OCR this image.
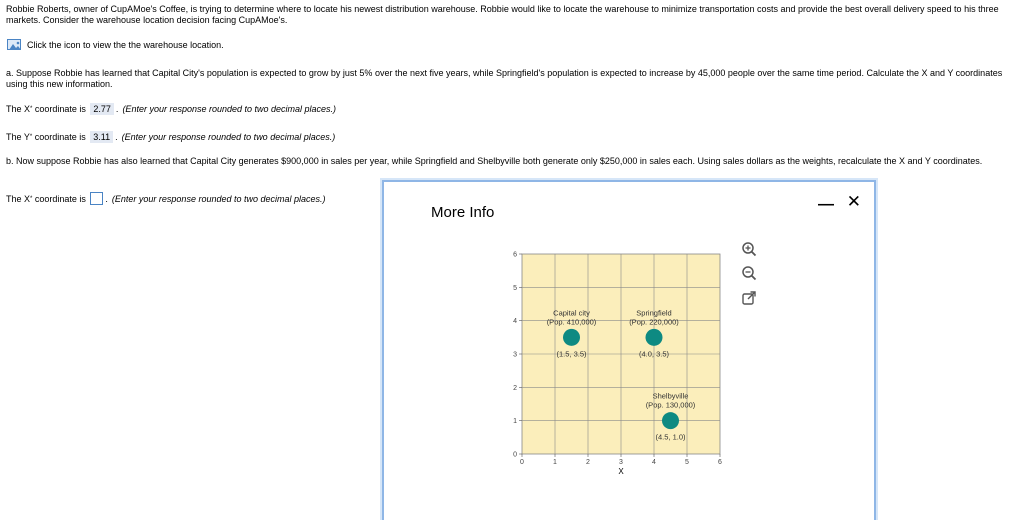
Robbie Roberts, owner of CupAMoe's Coffee, is trying to determine where to locate his newest distribution warehouse. Robbie would like to locate the warehouse to minimize transportation costs and provide the best overall delivery speed to his three markets. Consider the warehouse location decision facing CupAMoe's.
Click the icon to view the the warehouse location.
a. Suppose Robbie has learned that Capital City's population is expected to grow by just 5% over the next five years, while Springfield's population is expected to increase by 45,000 people over the same time period. Calculate the X and Y coordinates using this new information.
The X * coordinate is 2.77 . (Enter your response rounded to two decimal places.)
The Y * coordinate is 3.11 . (Enter your response rounded to two decimal places.)
b. Now suppose Robbie has also learned that Capital City generates $900,000 in sales per year, while Springfield and Shelbyville both generate only $250,000 in sales each. Using sales dollars as the weights, recalculate the X and Y coordinates.
The X * coordinate is . (Enter your response rounded to two decimal places.)
More Info	— ✕
0	1	2	3	4	5	6
0
1
2
3
4
5
6
Capital city
(Pop. 410,000)
(1.5, 3.5)
Springfield
(Pop. 220,000)
(4.0, 3.5)
Shelbyville
(Pop. 130,000)
(4.5, 1.0)
X
